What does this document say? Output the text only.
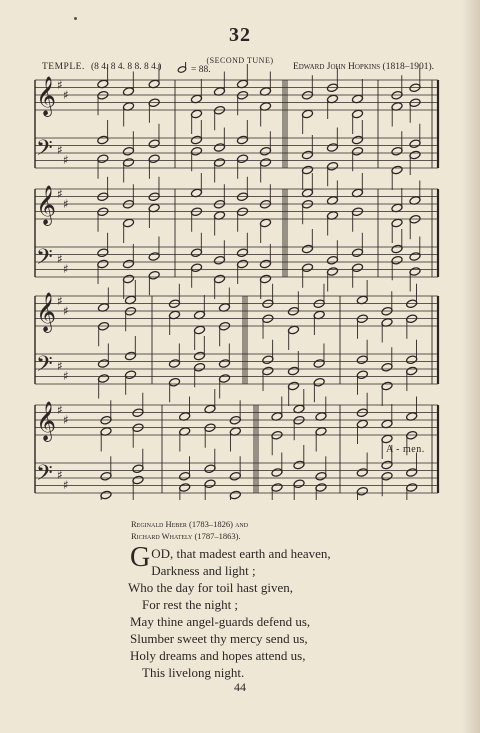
32
(SECOND TUNE)
TEMPLE. (8 4. 8 4. 8 8. 8 4.)	= 88.	Edward John Hopkins (1818–1901).
𝄞 ♯
♯
𝄢 ♯
♯
𝄞 ♯
♯
𝄢 ♯
♯
𝄞 ♯
♯
𝄢 ♯
♯
𝄞 ♯
♯
𝄢 ♯
♯
A - men.
Reginald Heber (1783–1826) and
Richard Whately (1787–1863).
GOD, that madest earth and heaven,
Darkness and light ;
Who the day for toil hast given,
For rest the night ;
May thine angel-guards defend us,
Slumber sweet thy mercy send us,
Holy dreams and hopes attend us,
This livelong night.
44
